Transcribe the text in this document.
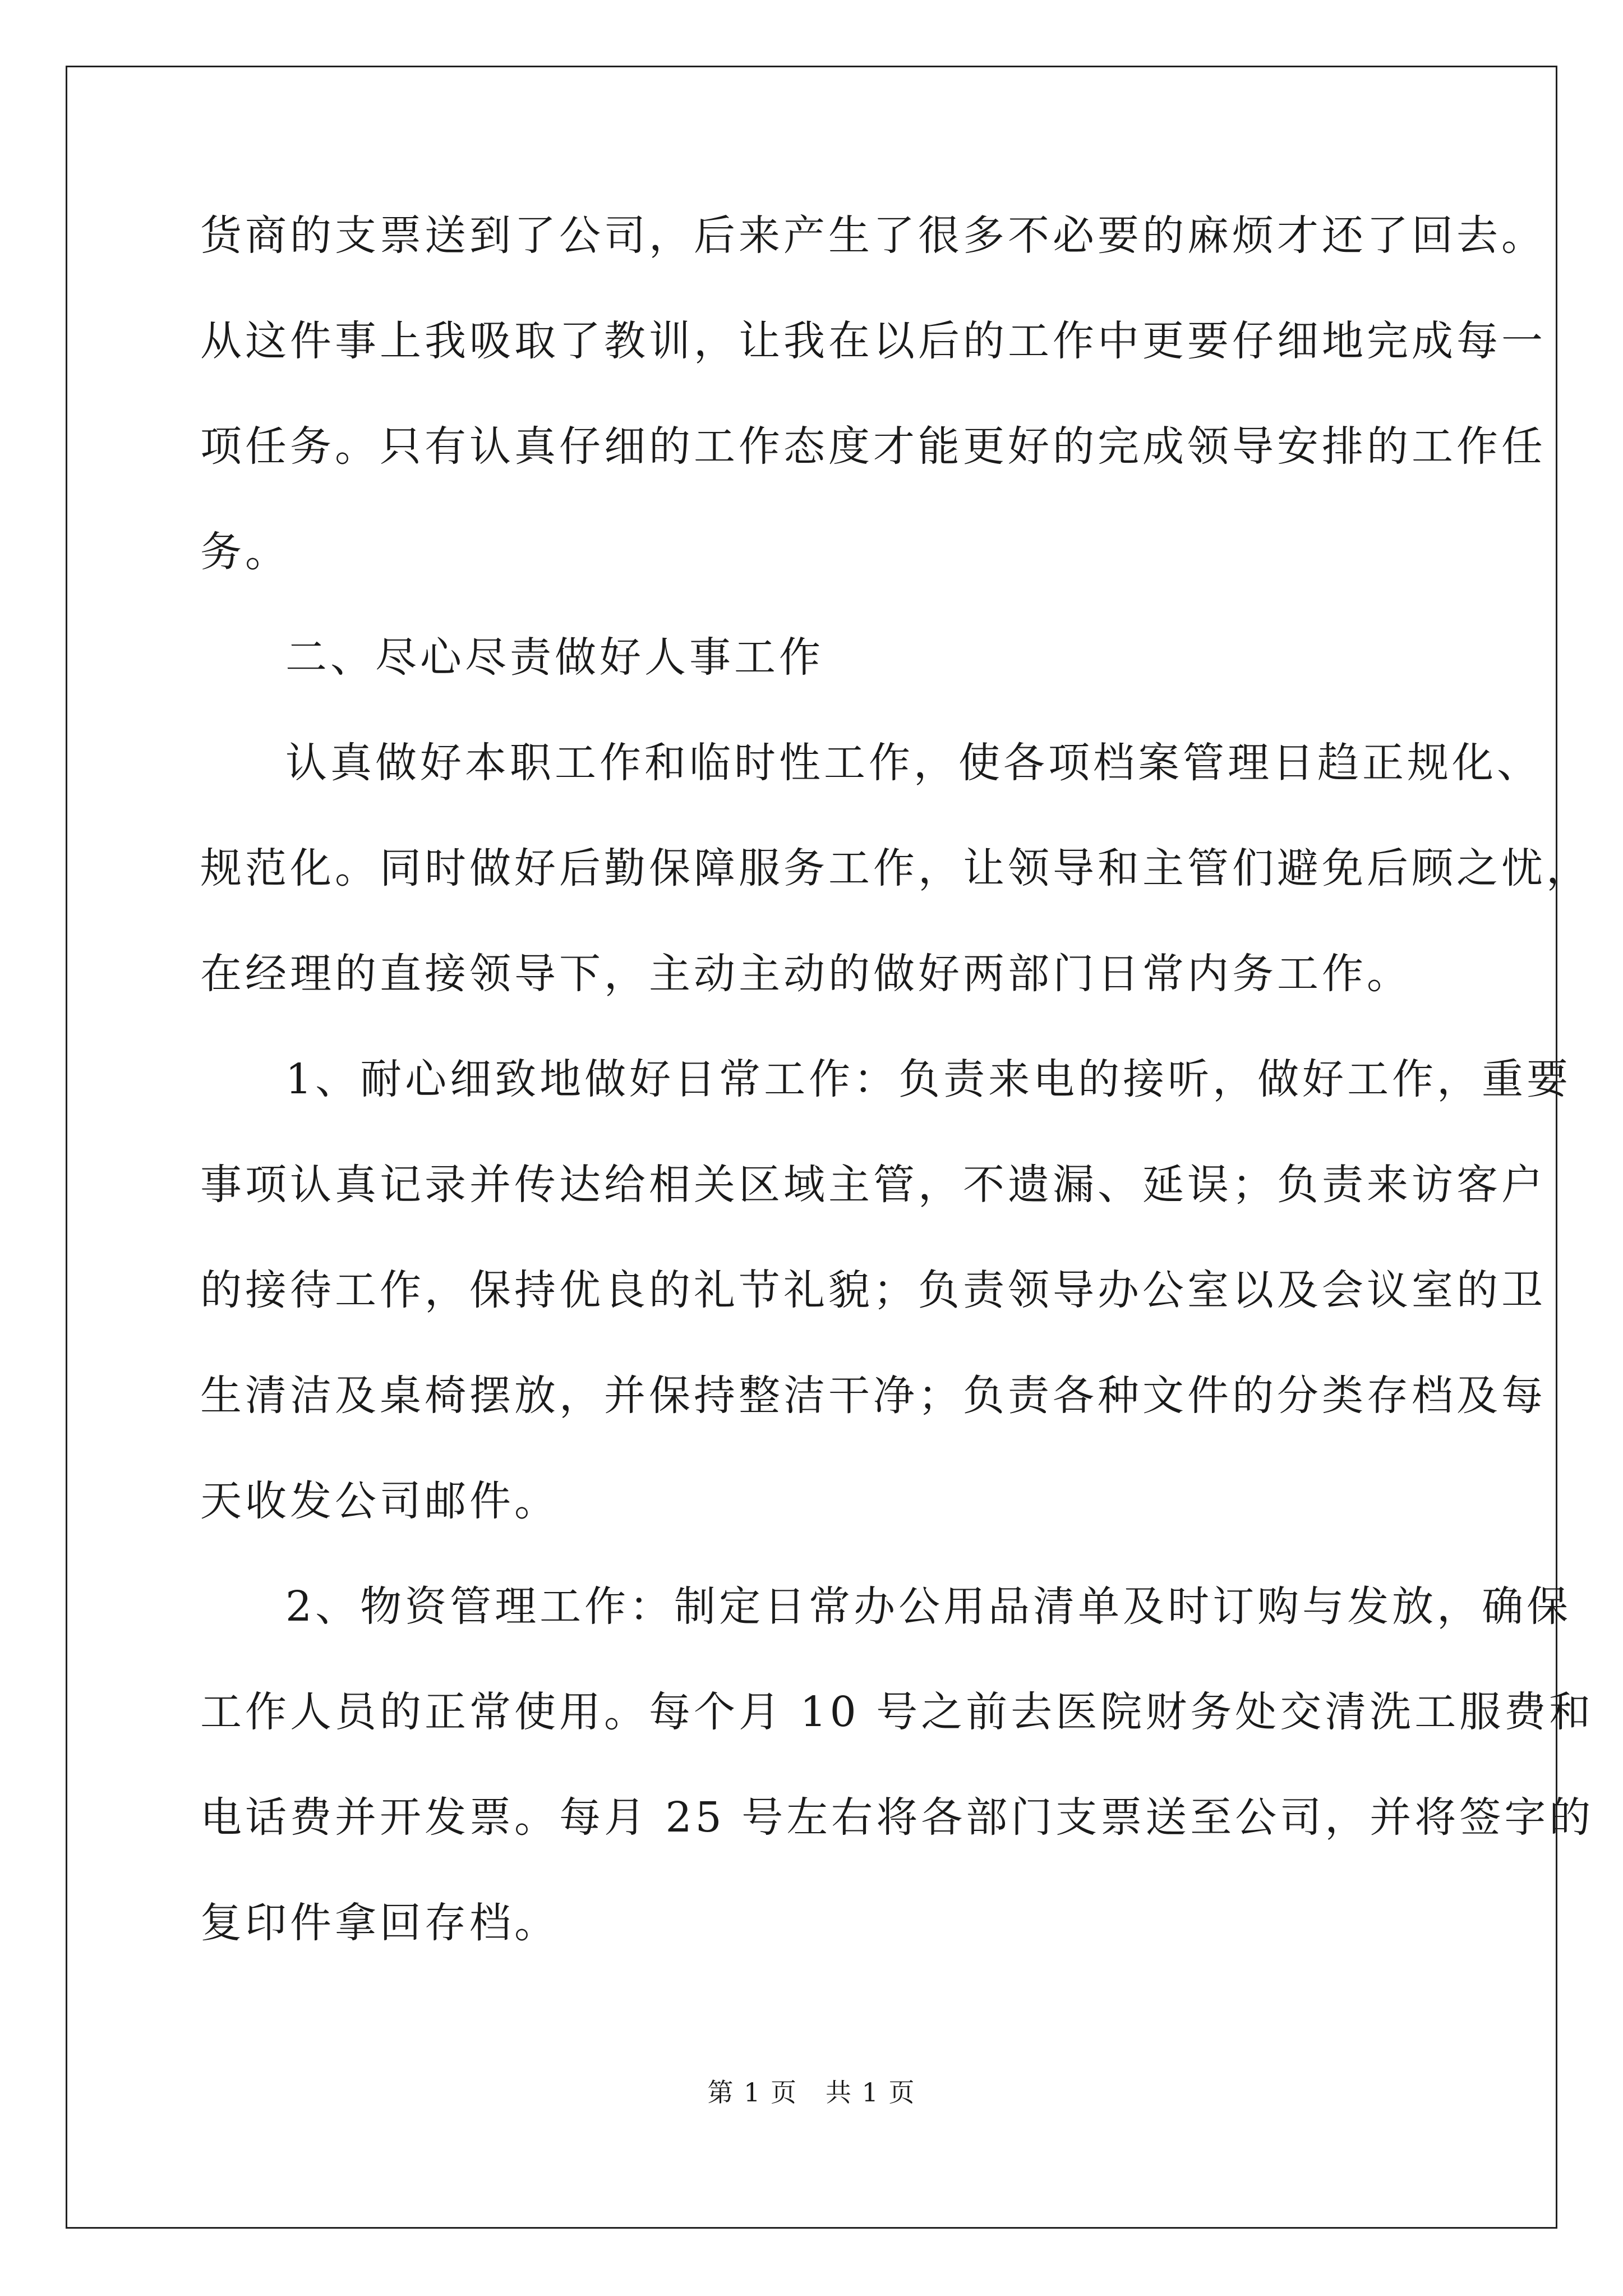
货商的支票送到了公司，后来产生了很多不必要的麻烦才还了回去。
从这件事上我吸取了教训，让我在以后的工作中更要仔细地完成每一
项任务。只有认真仔细的工作态度才能更好的完成领导安排的工作任
务。
二、尽心尽责做好人事工作
认真做好本职工作和临时性工作，使各项档案管理日趋正规化、
规范化。同时做好后勤保障服务工作，让领导和主管们避免后顾之忧，
在经理的直接领导下，主动主动的做好两部门日常内务工作。
1、耐心细致地做好日常工作：负责来电的接听，做好工作，重要
事项认真记录并传达给相关区域主管，不遗漏、延误；负责来访客户
的接待工作，保持优良的礼节礼貌；负责领导办公室以及会议室的卫
生清洁及桌椅摆放，并保持整洁干净；负责各种文件的分类存档及每
天收发公司邮件。
2、物资管理工作：制定日常办公用品清单及时订购与发放，确保
工作人员的正常使用。每个月 10 号之前去医院财务处交清洗工服费和
电话费并开发票。每月 25 号左右将各部门支票送至公司，并将签字的
复印件拿回存档。
第 1 页 共 1 页
